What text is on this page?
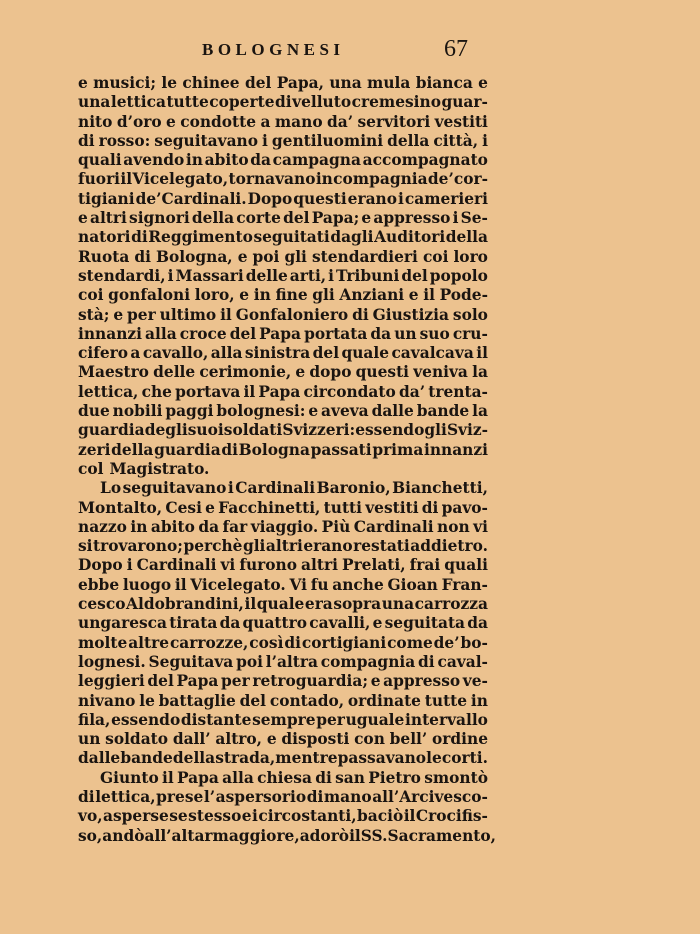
BOLOGNESI	67
e musici; le chinee del Papa, una mula bianca e
una lettica tutte coperte di velluto cremesino guar-
nito d’oro e condotte a mano da’ servitori vestiti
di rosso: seguitavano i gentiluomini della città, i
quali avendo in abito da campagna accompagnato
fuori il Vicelegato, tornavano in compagnia de’cor-
tigiani de’Cardinali. Dopo questi erano i camerieri
e altri signori della corte del Papa; e appresso i Se-
natori di Reggimento seguitati dagli Auditori della
Ruota di Bologna, e poi gli stendardieri coi loro
stendardi, i Massari delle arti, i Tribuni del popolo
coi gonfaloni loro, e in fine gli Anziani e il Pode-
stà; e per ultimo il Gonfaloniero di Giustizia solo
innanzi alla croce del Papa portata da un suo cru-
cifero a cavallo, alla sinistra del quale cavalcava il
Maestro delle cerimonie, e dopo questi veniva la
lettica, che portava il Papa circondato da’ trenta-
due nobili paggi bolognesi: e aveva dalle bande la
guardia degli suoi soldati Svizzeri: essendo gli Sviz-
zeri della guardia di Bologna passati prima innanzi
col Magistrato.
Lo seguitavano i Cardinali Baronio, Bianchetti,
Montalto, Cesi e Facchinetti, tutti vestiti di pavo-
nazzo in abito da far viaggio. Più Cardinali non vi
si trovarono; perchè gli altri erano restati addietro.
Dopo i Cardinali vi furono altri Prelati, frai quali
ebbe luogo il Vicelegato. Vi fu anche Gioan Fran-
cesco Aldobrandini, il quale era sopra una carrozza
ungaresca tirata da quattro cavalli, e seguitata da
molte altre carrozze, così di cortigiani come de’ bo-
lognesi. Seguitava poi l’altra compagnia di caval-
leggieri del Papa per retroguardia; e appresso ve-
nivano le battaglie del contado, ordinate tutte in
fila, essendo distante sempre per uguale intervallo
un soldato dall’ altro, e disposti con bell’ ordine
dalle bande della strada, mentre passavano le corti.
Giunto il Papa alla chiesa di san Pietro smontò
di lettica, prese l’ aspersorio di mano all’Arcivesco-
vo, asperse se stesso e i circostanti, baciò il Crocifis-
so, andò all’altar maggiore, adorò il SS. Sacramento,
